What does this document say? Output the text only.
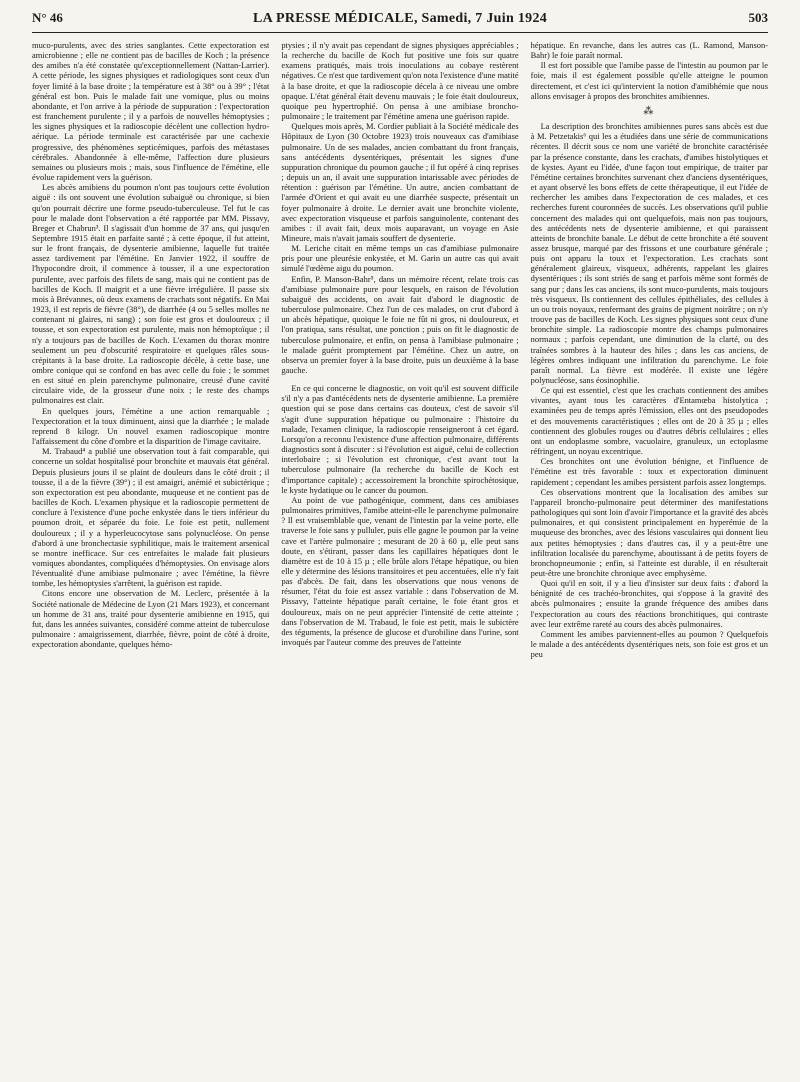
N° 46	LA PRESSE MÉDICALE, Samedi, 7 Juin 1924	503

muco-purulents, avec des stries sanglantes. Cette expectoration est amicrobienne ; elle ne contient pas de bacilles de Koch ; la présence des amibes n'a été constatée qu'exceptionnellement (Nattan-Larrier). A cette période, les signes physiques et radiologiques sont ceux d'un foyer limité à la base droite ; la température est à 38° ou à 39° ; l'état général est bon. Puis le malade fait une vomique, plus ou moins abondante, et l'on arrive à la période de suppuration : l'expectoration est franchement purulente ; il y a parfois de nouvelles hémoptysies ; les signes physiques et la radioscopie décèlent une collection hydro-aérique. La période terminale est caractérisée par une cachexie progressive, des phénomènes septicémiques, parfois des métastases cérébrales. Abandonnée à elle-même, l'affection dure plusieurs semaines ou plusieurs mois ; mais, sous l'influence de l'émétine, elle évolue rapidement vers la guérison.

Les abcès amibiens du poumon n'ont pas toujours cette évolution aiguë : ils ont souvent une évolution subaiguë ou chronique, si bien qu'on pourrait décrire une forme pseudo-tuberculeuse. Tel fut le cas pour le malade dont l'observation a été rapportée par MM. Pissavy, Breger et Chabrun³. Il s'agissait d'un homme de 37 ans, qui jusqu'en Septembre 1915 était en parfaite santé ; à cette époque, il fut atteint, sur le front français, de dysenterie amibienne, laquelle fut traitée assez tardivement par l'émétine. En Janvier 1922, il souffre de l'hypocondre droit, il commence à tousser, il a une expectoration purulente, avec parfois des filets de sang, mais qui ne contient pas de bacilles de Koch. Il maigrit et a une fièvre irrégulière. Il passe six mois à Brévannes, où deux examens de crachats sont négatifs. En Mai 1923, il est repris de fièvre (38°), de diarrhée (4 ou 5 selles molles ne contenant ni glaires, ni sang) ; son foie est gros et douloureux ; il tousse, et son expectoration est purulente, mais non hémoptoïque ; il n'y a toujours pas de bacilles de Koch. L'examen du thorax montre seulement un peu d'obscurité respiratoire et quelques râles sous-crépitants à la base droite. La radioscopie décèle, à cette base, une ombre conique qui se confond en bas avec celle du foie ; le sommet en est situé en plein parenchyme pulmonaire, creusé d'une cavité circulaire vide, de la grosseur d'une noix ; le reste des champs pulmonaires est clair.

En quelques jours, l'émétine a une action remarquable ; l'expectoration et la toux diminuent, ainsi que la diarrhée ; le malade reprend 8 kilogr. Un nouvel examen radioscopique montre l'affaissement du cône d'ombre et la disparition de l'image cavitaire.

M. Trabaud⁴ a publié une observation tout à fait comparable, qui concerne un soldat hospitalisé pour bronchite et mauvais état général. Depuis plusieurs jours il se plaint de douleurs dans le côté droit ; il tousse, il a de la fièvre (39°) ; il est amaigri, anémié et subictérique ; son expectoration est peu abondante, muqueuse et ne contient pas de bacilles de Koch. L'examen physique et la radioscopie permettent de conclure à l'existence d'une poche enkystée dans le tiers inférieur du poumon droit, et séparée du foie. Le foie est petit, nullement douloureux ; il y a hyperleucocytose sans polynucléose. On pense d'abord à une bronchectasie syphilitique, mais le traitement arsenical se montre inefficace. Sur ces entrefaites le malade fait plusieurs vomiques abondantes, compliquées d'hémoptysies. On envisage alors l'éventualité d'une amibiase pulmonaire ; avec l'émétine, la fièvre tombe, les hémoptysies s'arrêtent, la guérison est rapide.

Citons encore une observation de M. Leclerc, présentée à la Société nationale de Médecine de Lyon (21 Mars 1923), et concernant un homme de 31 ans, traité pour dysenterie amibienne en 1915, qui fut, dans les années suivantes, considéré comme atteint de tuberculose pulmonaire : amaigrissement, diarrhée, fièvre, point de côté à droite, expectoration abondante, quelques hémo-

ptysies ; il n'y avait pas cependant de signes physiques appréciables ; la recherche du bacille de Koch fut positive une fois sur quatre examens pratiqués, mais trois inoculations au cobaye restèrent négatives. Ce n'est que tardivement qu'on nota l'existence d'une matité à la base droite, et que la radioscopie décela à ce niveau une ombre opaque. L'état général était devenu mauvais ; le foie était douloureux, quoique peu hypertrophié. On pensa à une amibiase broncho-pulmonaire ; le traitement par l'émétine amena une guérison rapide.

Quelques mois après, M. Cordier publiait à la Société médicale des Hôpitaux de Lyon (30 Octobre 1923) trois nouveaux cas d'amibiase pulmonaire. Un de ses malades, ancien combattant du front français, sans antécédents dysentériques, présentait les signes d'une suppuration chronique du poumon gauche ; il fut opéré à cinq reprises ; depuis un an, il avait une suppuration intarissable avec périodes de rétention : guérison par l'émétine. Un autre, ancien combattant de l'armée d'Orient et qui avait eu une diarrhée suspecte, présentait un foyer pulmonaire à droite. Le dernier avait une bronchite violente, avec expectoration visqueuse et parfois sanguinolente, contenant des amibes : il avait fait, deux mois auparavant, un voyage en Asie Mineure, mais n'avait jamais souffert de dysenterie.

M. Leriche citait en même temps un cas d'amibiase pulmonaire pris pour une pleurésie enkystée, et M. Garin un autre cas qui avait simulé l'œdème aigu du poumon.

Enfin, P. Manson-Bahr⁵, dans un mémoire récent, relate trois cas d'amibiase pulmonaire pure pour lesquels, en raison de l'évolution subaiguë des accidents, on avait fait d'abord le diagnostic de tuberculose pulmonaire. Chez l'un de ces malades, on crut d'abord à un abcès hépatique, quoique le foie ne fût ni gros, ni douloureux, et l'on pratiqua, sans résultat, une ponction ; puis on fit le diagnostic de tuberculose pulmonaire, et enfin, on pensa à l'amibiase pulmonaire ; le malade guérit promptement par l'émétine. Chez un autre, on observa un premier foyer à la base droite, puis un deuxième à la base gauche.

En ce qui concerne le diagnostic, on voit qu'il est souvent difficile s'il n'y a pas d'antécédents nets de dysenterie amibienne. La première question qui se pose dans certains cas douteux, c'est de savoir s'il s'agit d'une suppuration hépatique ou pulmonaire : l'histoire du malade, l'examen clinique, la radioscopie renseigneront à cet égard. Lorsqu'on a reconnu l'existence d'une affection pulmonaire, différents diagnostics sont à discuter : si l'évolution est aiguë, celui de collection interlobaire ; si l'évolution est chronique, c'est avant tout la tuberculose pulmonaire (la recherche du bacille de Koch est d'importance capitale) ; accessoirement la bronchite spirochétosique, le kyste hydatique ou le cancer du poumon.

Au point de vue pathogénique, comment, dans ces amibiases pulmonaires primitives, l'amibe atteint-elle le parenchyme pulmonaire ? Il est vraisemblable que, venant de l'intestin par la veine porte, elle traverse le foie sans y pulluler, puis elle gagne le poumon par la veine cave et l'artère pulmonaire ; mesurant de 20 à 60 µ, elle peut sans doute, en s'étirant, passer dans les capillaires hépatiques dont le diamètre est de 10 à 15 µ ; elle brûle alors l'étape hépatique, ou bien elle y détermine des lésions transitoires et peu accentuées, elle n'y fait pas d'abcès. De fait, dans les observations que nous venons de résumer, l'état du foie est assez variable : dans l'observation de M. Pissavy, l'atteinte hépatique paraît certaine, le foie étant gros et douloureux, mais on ne peut apprécier l'intensité de cette atteinte ; dans l'observation de M. Trabaud, le foie est petit, mais le subictère des téguments, la présence de glucose et d'urobiline dans l'urine, sont invoqués par l'auteur comme des preuves de l'atteinte

hépatique. En revanche, dans les autres cas (L. Ramond, Manson-Bahr) le foie paraît normal.

Il est fort possible que l'amibe passe de l'intestin au poumon par le foie, mais il est également possible qu'elle atteigne le poumon directement, et c'est ici qu'intervient la notion d'amibhémie que nous allons envisager à propos des bronchites amibiennes.

⁂

La description des bronchites amibiennes pures sans abcès est due à M. Petzetakis⁶ qui les a étudiées dans une série de communications récentes. Il décrit sous ce nom une variété de bronchite caractérisée par la présence constante, dans les crachats, d'amibes histolytiques et de kystes. Ayant eu l'idée, d'une façon tout empirique, de traiter par l'émétine certaines bronchites survenant chez d'anciens dysentériques, et ayant observé les bons effets de cette thérapeutique, il eut l'idée de rechercher les amibes dans l'expectoration de ces malades, et ces recherches furent couronnées de succès. Les observations qu'il publie concernent des malades qui ont quelquefois, mais non pas toujours, des antécédents nets de dysenterie amibienne, et qui paraissent atteints de bronchite banale. Le début de cette bronchite a été souvent assez brusque, marqué par des frissons et une courbature générale ; puis ont apparu la toux et l'expectoration. Les crachats sont généralement glaireux, visqueux, adhérents, rappelant les glaires dysentériques ; ils sont striés de sang et parfois même sont formés de sang pur ; dans les cas anciens, ils sont muco-purulents, mais toujours très visqueux. Ils contiennent des cellules épithéliales, des cellules à un ou trois noyaux, renfermant des grains de pigment noirâtre ; on n'y trouve pas de bacilles de Koch. Les signes physiques sont ceux d'une bronchite simple. La radioscopie montre des champs pulmonaires normaux ; parfois cependant, une diminution de la clarté, ou des traînées sombres à la hauteur des hiles ; dans les cas anciens, de légères ombres indiquant une infiltration du parenchyme. Le foie paraît normal. La fièvre est modérée. Il existe une légère polynucléose, sans éosinophilie.

Ce qui est essentiel, c'est que les crachats contiennent des amibes vivantes, ayant tous les caractères d'Entamœba histolytica ; examinées peu de temps après l'émission, elles ont des pseudopodes et des mouvements caractéristiques ; elles ont de 20 à 35 µ ; elles contiennent des globules rouges ou d'autres débris cellulaires ; elles ont un endoplasme sombre, vacuolaire, granuleux, un ectoplasme réfringent, un noyau excentrique.

Ces bronchites ont une évolution bénigne, et l'influence de l'émétine est très favorable : toux et expectoration diminuent rapidement ; cependant les amibes persistent parfois assez longtemps.

Ces observations montrent que la localisation des amibes sur l'appareil broncho-pulmonaire peut déterminer des manifestations pathologiques qui sont loin d'avoir l'importance et la gravité des abcès pulmonaires, et qui consistent principalement en hyperémie de la muqueuse des bronches, avec des lésions vasculaires qui donnent lieu aux petites hémoptysies ; dans d'autres cas, il y a peut-être une infiltration localisée du parenchyme, aboutissant à de petits foyers de bronchopneumonie ; enfin, si l'atteinte est durable, il en résulterait peut-être une bronchite chronique avec emphysème.

Quoi qu'il en soit, il y a lieu d'insister sur deux faits : d'abord la bénignité de ces trachéo-bronchites, qui s'oppose à la gravité des abcès pulmonaires ; ensuite la grande fréquence des amibes dans l'expectoration au cours des réactions bronchitiques, qui contraste avec leur extrême rareté au cours des abcès pulmonaires.

Comment les amibes parviennent-elles au poumon ? Quelquefois le malade a des antécédents dysentériques nets, son foie est gros et un peu
